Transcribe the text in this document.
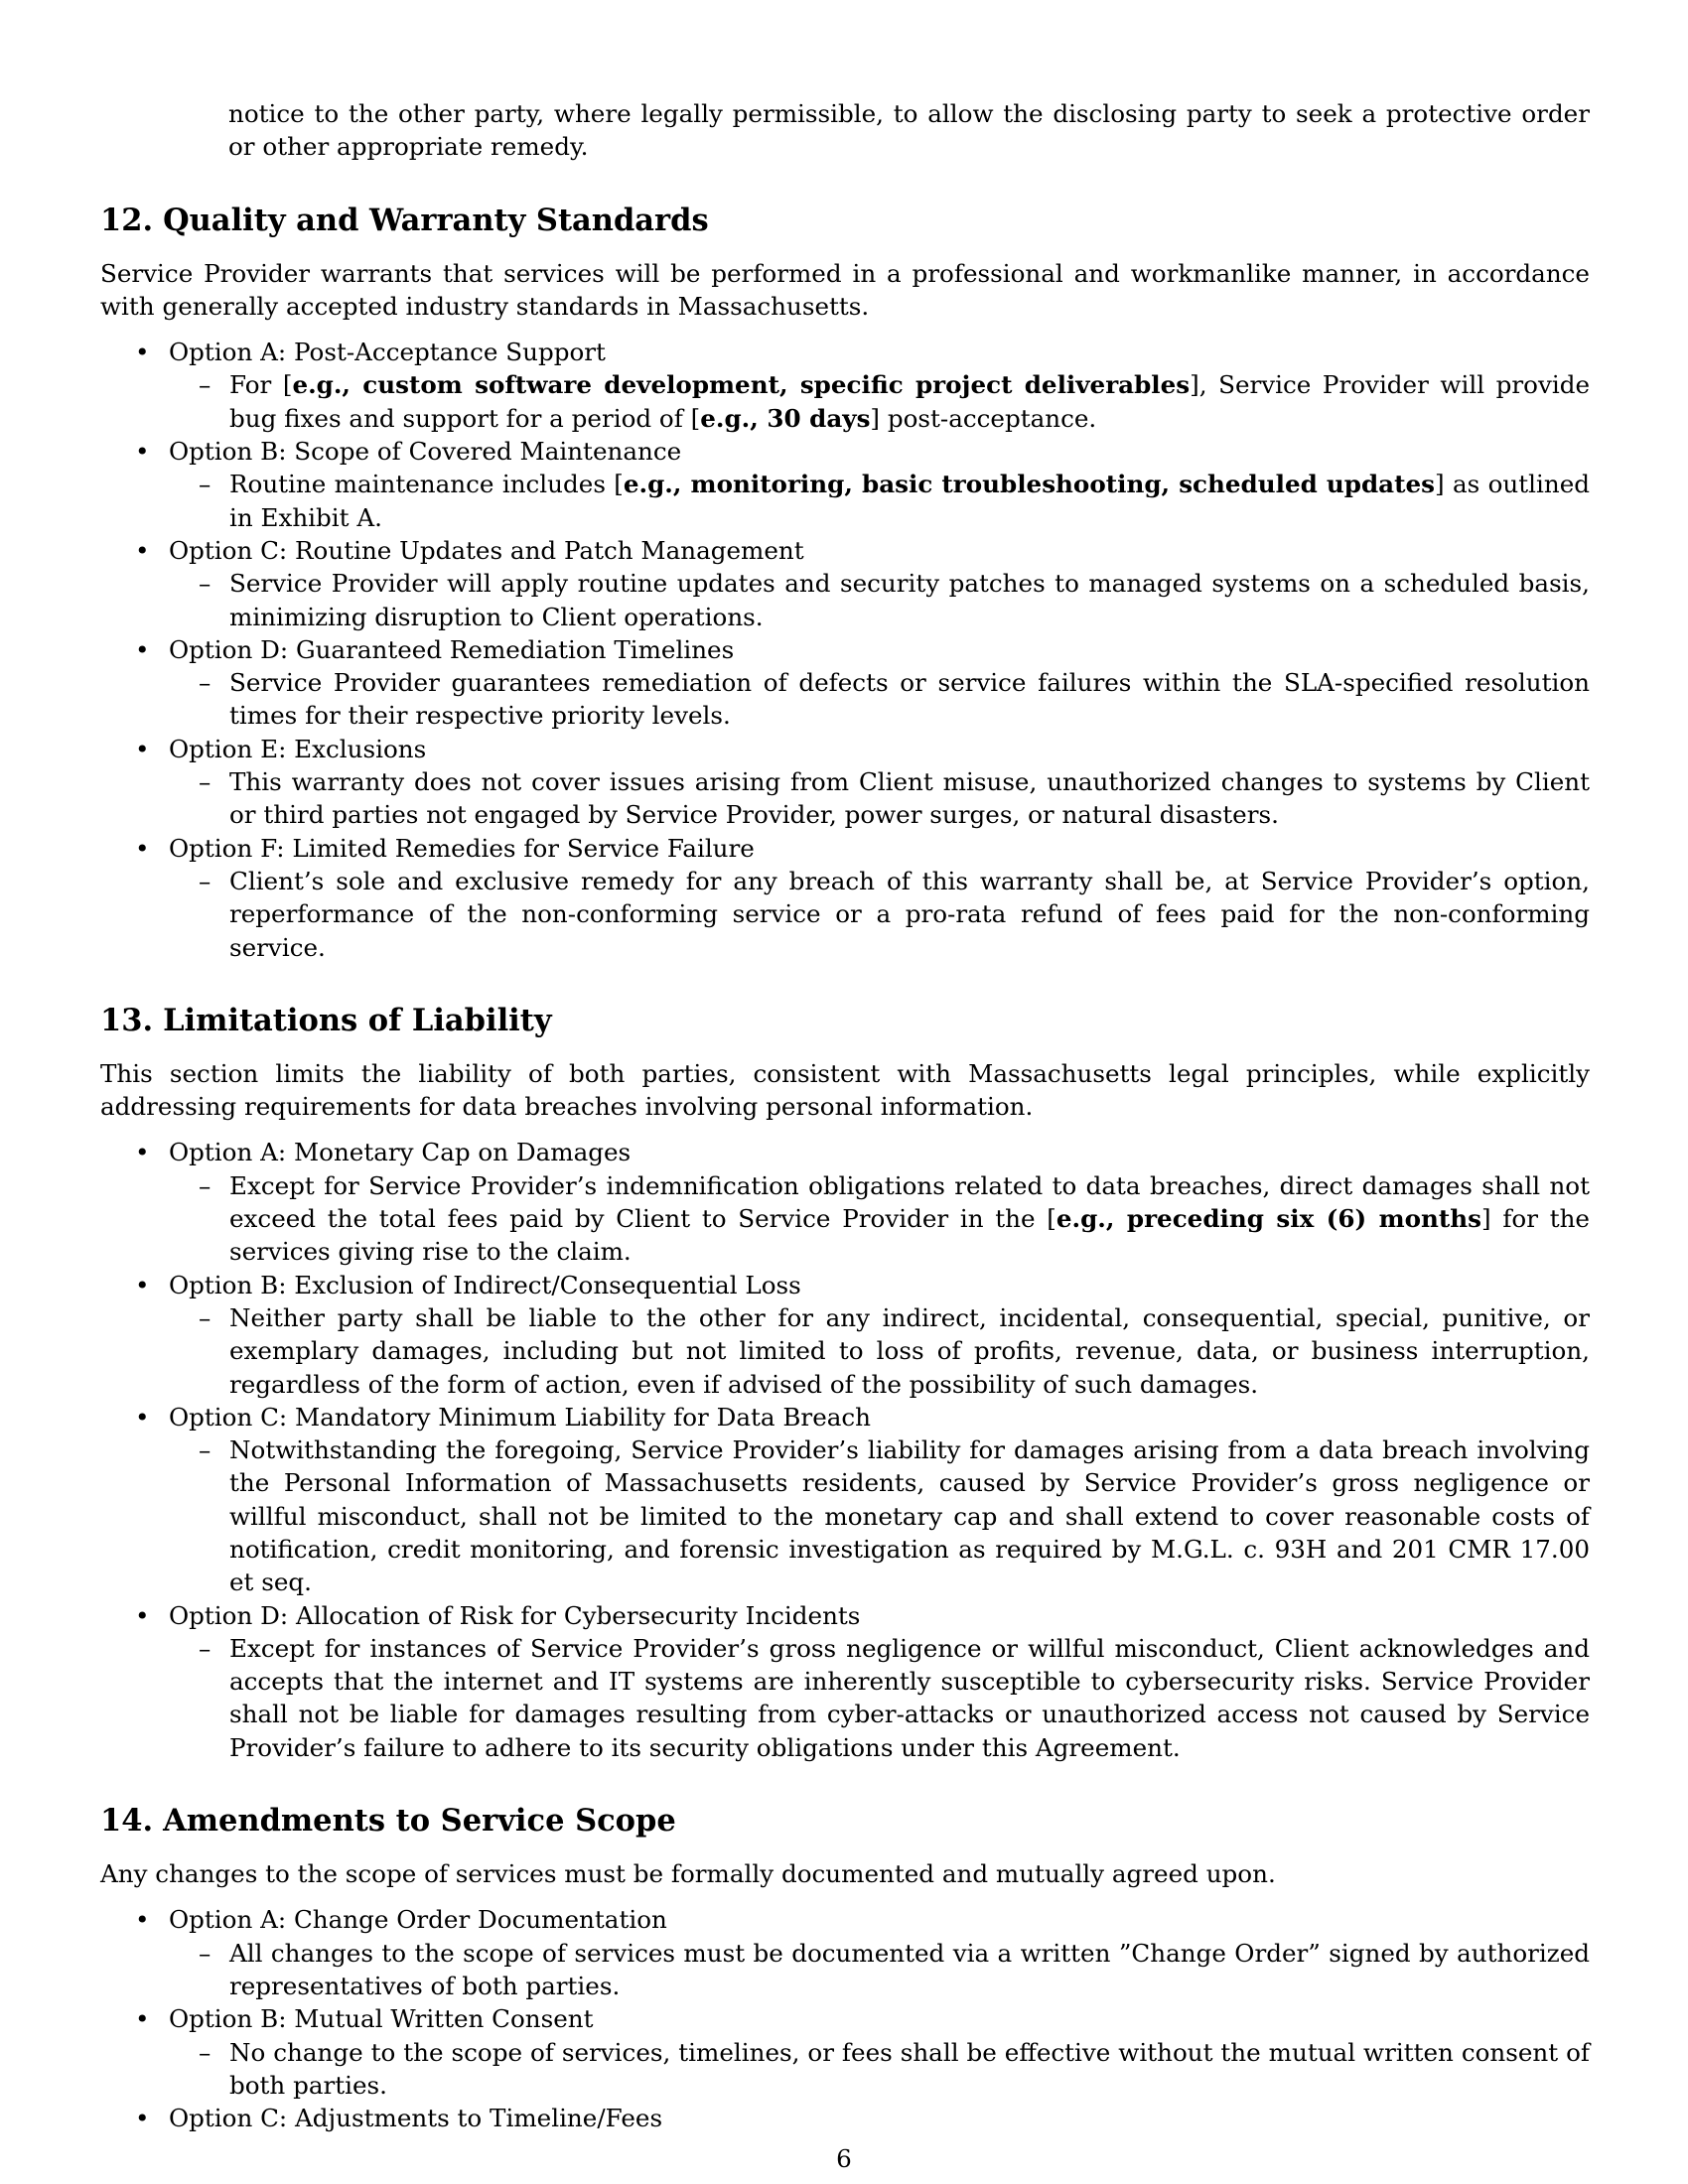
notice to the other party, where legally permissible, to allow the disclosing party to seek a protective order or other appropriate remedy.

12. Quality and Warranty Standards

Service Provider warrants that services will be performed in a professional and workmanlike manner, in accordance with generally accepted industry standards in Massachusetts.

• Option A: Post-Acceptance Support
– For [e.g., custom software development, specific project deliverables], Service Provider will provide bug fixes and support for a period of [e.g., 30 days] post-acceptance.
• Option B: Scope of Covered Maintenance
– Routine maintenance includes [e.g., monitoring, basic troubleshooting, scheduled updates] as outlined in Exhibit A.
• Option C: Routine Updates and Patch Management
– Service Provider will apply routine updates and security patches to managed systems on a scheduled basis, minimizing disruption to Client operations.
• Option D: Guaranteed Remediation Timelines
– Service Provider guarantees remediation of defects or service failures within the SLA-specified resolution times for their respective priority levels.
• Option E: Exclusions
– This warranty does not cover issues arising from Client misuse, unauthorized changes to systems by Client or third parties not engaged by Service Provider, power surges, or natural disasters.
• Option F: Limited Remedies for Service Failure
– Client’s sole and exclusive remedy for any breach of this warranty shall be, at Service Provider’s option, reperformance of the non-conforming service or a pro-rata refund of fees paid for the non-conforming service.
13. Limitations of Liability

This section limits the liability of both parties, consistent with Massachusetts legal principles, while explicitly addressing requirements for data breaches involving personal information.

• Option A: Monetary Cap on Damages
– Except for Service Provider’s indemnification obligations related to data breaches, direct damages shall not exceed the total fees paid by Client to Service Provider in the [e.g., preceding six (6) months] for the services giving rise to the claim.
• Option B: Exclusion of Indirect/Consequential Loss
– Neither party shall be liable to the other for any indirect, incidental, consequential, special, punitive, or exemplary damages, including but not limited to loss of profits, revenue, data, or business interruption, regardless of the form of action, even if advised of the possibility of such damages.
• Option C: Mandatory Minimum Liability for Data Breach
– Notwithstanding the foregoing, Service Provider’s liability for damages arising from a data breach involving the Personal Information of Massachusetts residents, caused by Service Provider’s gross negligence or willful misconduct, shall not be limited to the monetary cap and shall extend to cover reasonable costs of notification, credit monitoring, and forensic investigation as required by M.G.L. c. 93H and 201 CMR 17.00 et seq.
• Option D: Allocation of Risk for Cybersecurity Incidents
– Except for instances of Service Provider’s gross negligence or willful misconduct, Client acknowledges and accepts that the internet and IT systems are inherently susceptible to cybersecurity risks. Service Provider shall not be liable for damages resulting from cyber-attacks or unauthorized access not caused by Service Provider’s failure to adhere to its security obligations under this Agreement.
14. Amendments to Service Scope

Any changes to the scope of services must be formally documented and mutually agreed upon.

• Option A: Change Order Documentation
– All changes to the scope of services must be documented via a written ”Change Order” signed by authorized representatives of both parties.
• Option B: Mutual Written Consent
– No change to the scope of services, timelines, or fees shall be effective without the mutual written consent of both parties.
• Option C: Adjustments to Timeline/Fees
6
